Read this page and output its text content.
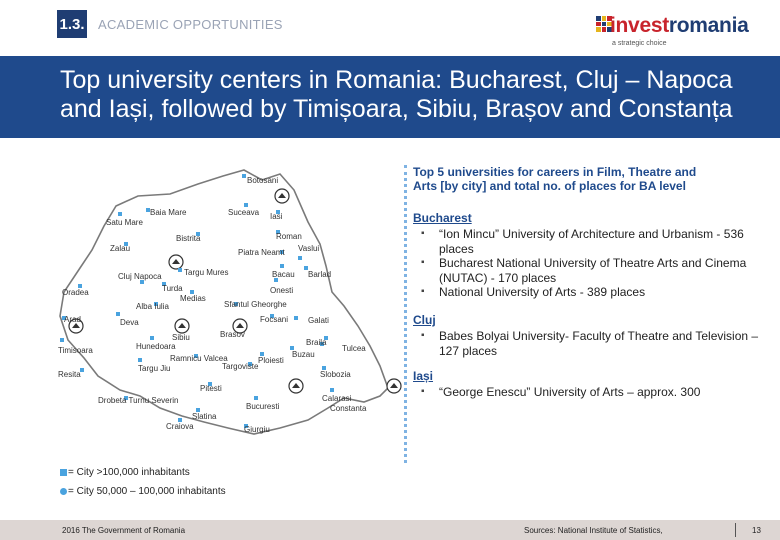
1.3. ACADEMIC OPPORTUNITIES	investromania
a strategic choice
Top university centers in Romania: Bucharest, Cluj – Napoca and Iași, followed by Timișoara, Sibiu, Brașov and Constanța
Botosani
Baia Mare	Suceava
Satu Mare
Iasi
Bistrita	Roman
Zalau	Piatra Neamt Vaslui
Targu Mures	Bacau Barlad
Cluj Napoca
Turda
Oradea	Onesti
Medias
Sfantul Gheorghe
Alba Iulia
Arad	Deva	Focsani Galati
Sibiu	Brasov
Hunedoara	Braila
Tulcea
Timisoara	Buzau
Ramnicu Valcea	Ploiesti
Targoviste
Targu Jiu
Resita	Slobozia
Pitesti
Calarasi
Drobeta Turnu Severin
Bucuresti	Constanta
Slatina
Craiova	Giurgiu
Top 5 universities for careers in Film, Theatre and Arts [by city] and total no. of places for BA level
Bucharest
▪ “Ion Mincu” University of Architecture and Urbanism - 536 places
▪ Bucharest National University of Theatre Arts and Cinema (NUTAC) - 170 places
▪ National University of Arts - 389 places
Cluj
▪ Babes Bolyai University- Faculty of Theatre and Television – 127 places
Iași
▪ “George Enescu” University of Arts – approx. 300
= City >100,000 inhabitants
= City 50,000 – 100,000 inhabitants
2016 The Government of Romania	Sources: National Institute of Statistics,	13
